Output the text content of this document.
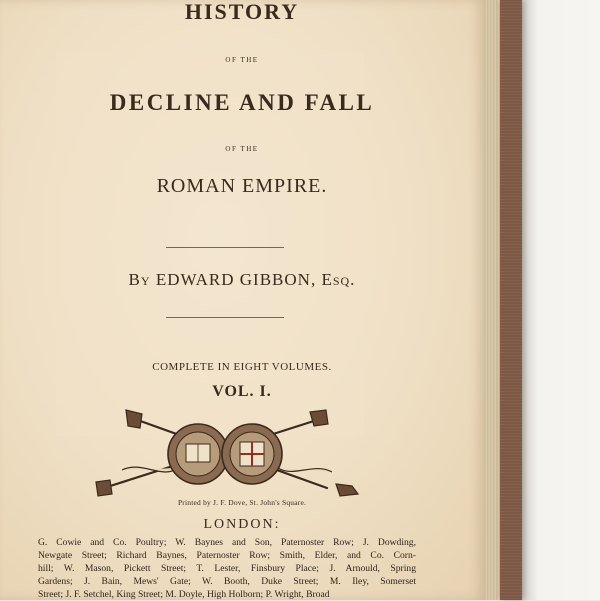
HISTORY
OF THE
DECLINE AND FALL
OF THE
ROMAN EMPIRE.
By EDWARD GIBBON, Esq.
COMPLETE IN EIGHT VOLUMES.
VOL. I.
Printed by J. F. Dove, St. John's Square.
LONDON:
G. Cowie and Co. Poultry; W. Baynes and Son, Paternoster Row; J. Dowding,
Newgate Street; Richard Baynes, Paternoster Row; Smith, Elder, and Co. Corn-
hill; W. Mason, Pickett Street; T. Lester, Finsbury Place; J. Arnould, Spring
Gardens; J. Bain, Mews' Gate; W. Booth, Duke Street; M. Iley, Somerset
Street; J. F. Setchel, King Street; M. Doyle, High Holborn; P. Wright, Broad
